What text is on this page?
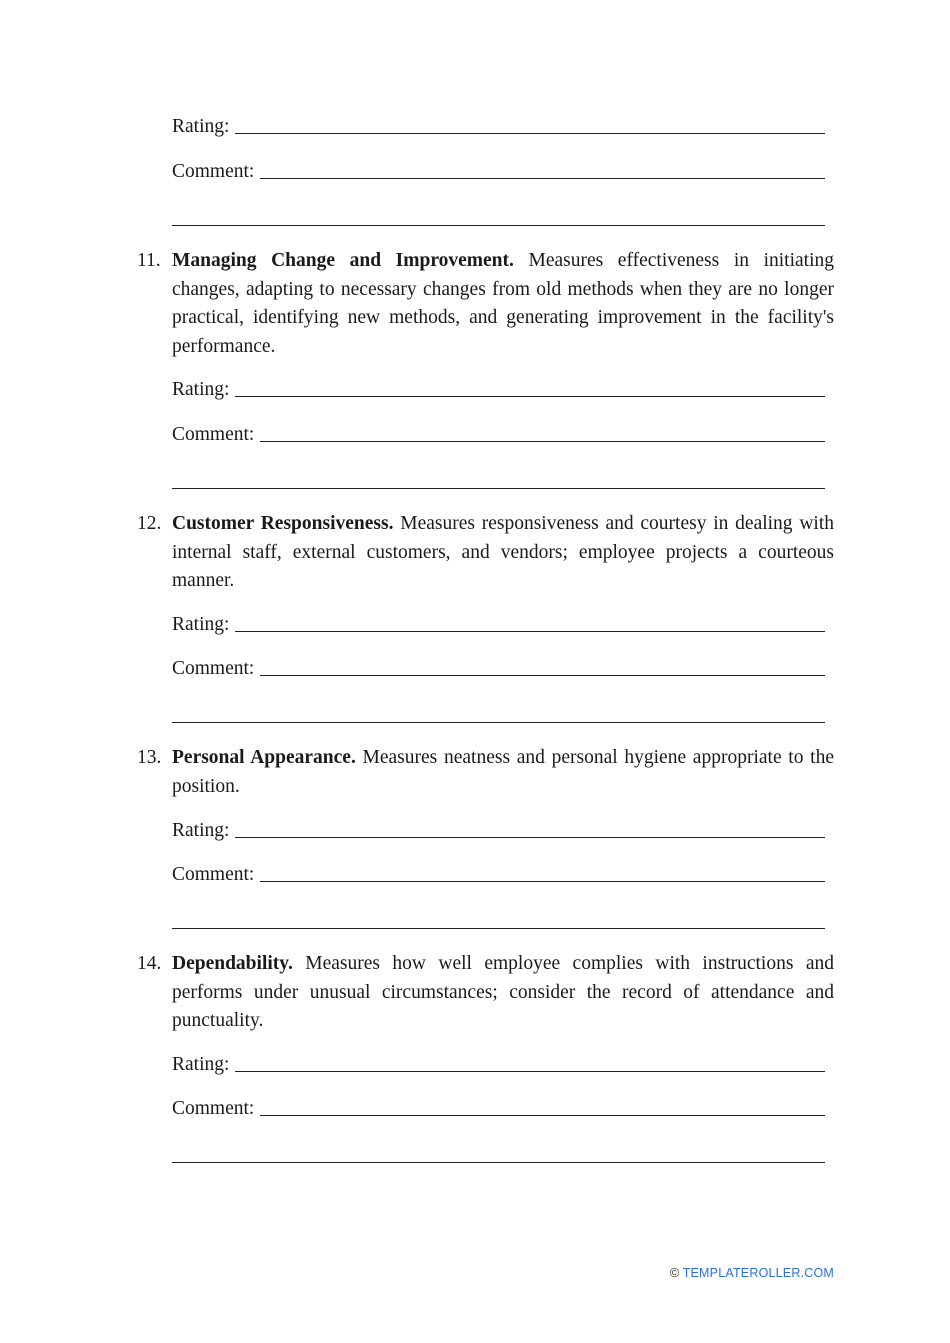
Rating:
Comment:
11. Managing Change and Improvement. Measures effectiveness in initiating changes, adapting to necessary changes from old methods when they are no longer practical, identifying new methods, and generating improvement in the facility's performance.
Rating:
Comment:
12. Customer Responsiveness. Measures responsiveness and courtesy in dealing with internal staff, external customers, and vendors; employee projects a courteous manner.
Rating:
Comment:
13. Personal Appearance. Measures neatness and personal hygiene appropriate to the position.
Rating:
Comment:
14. Dependability. Measures how well employee complies with instructions and performs under unusual circumstances; consider the record of attendance and punctuality.
Rating:
Comment:
© TEMPLATEROLLER.COM
